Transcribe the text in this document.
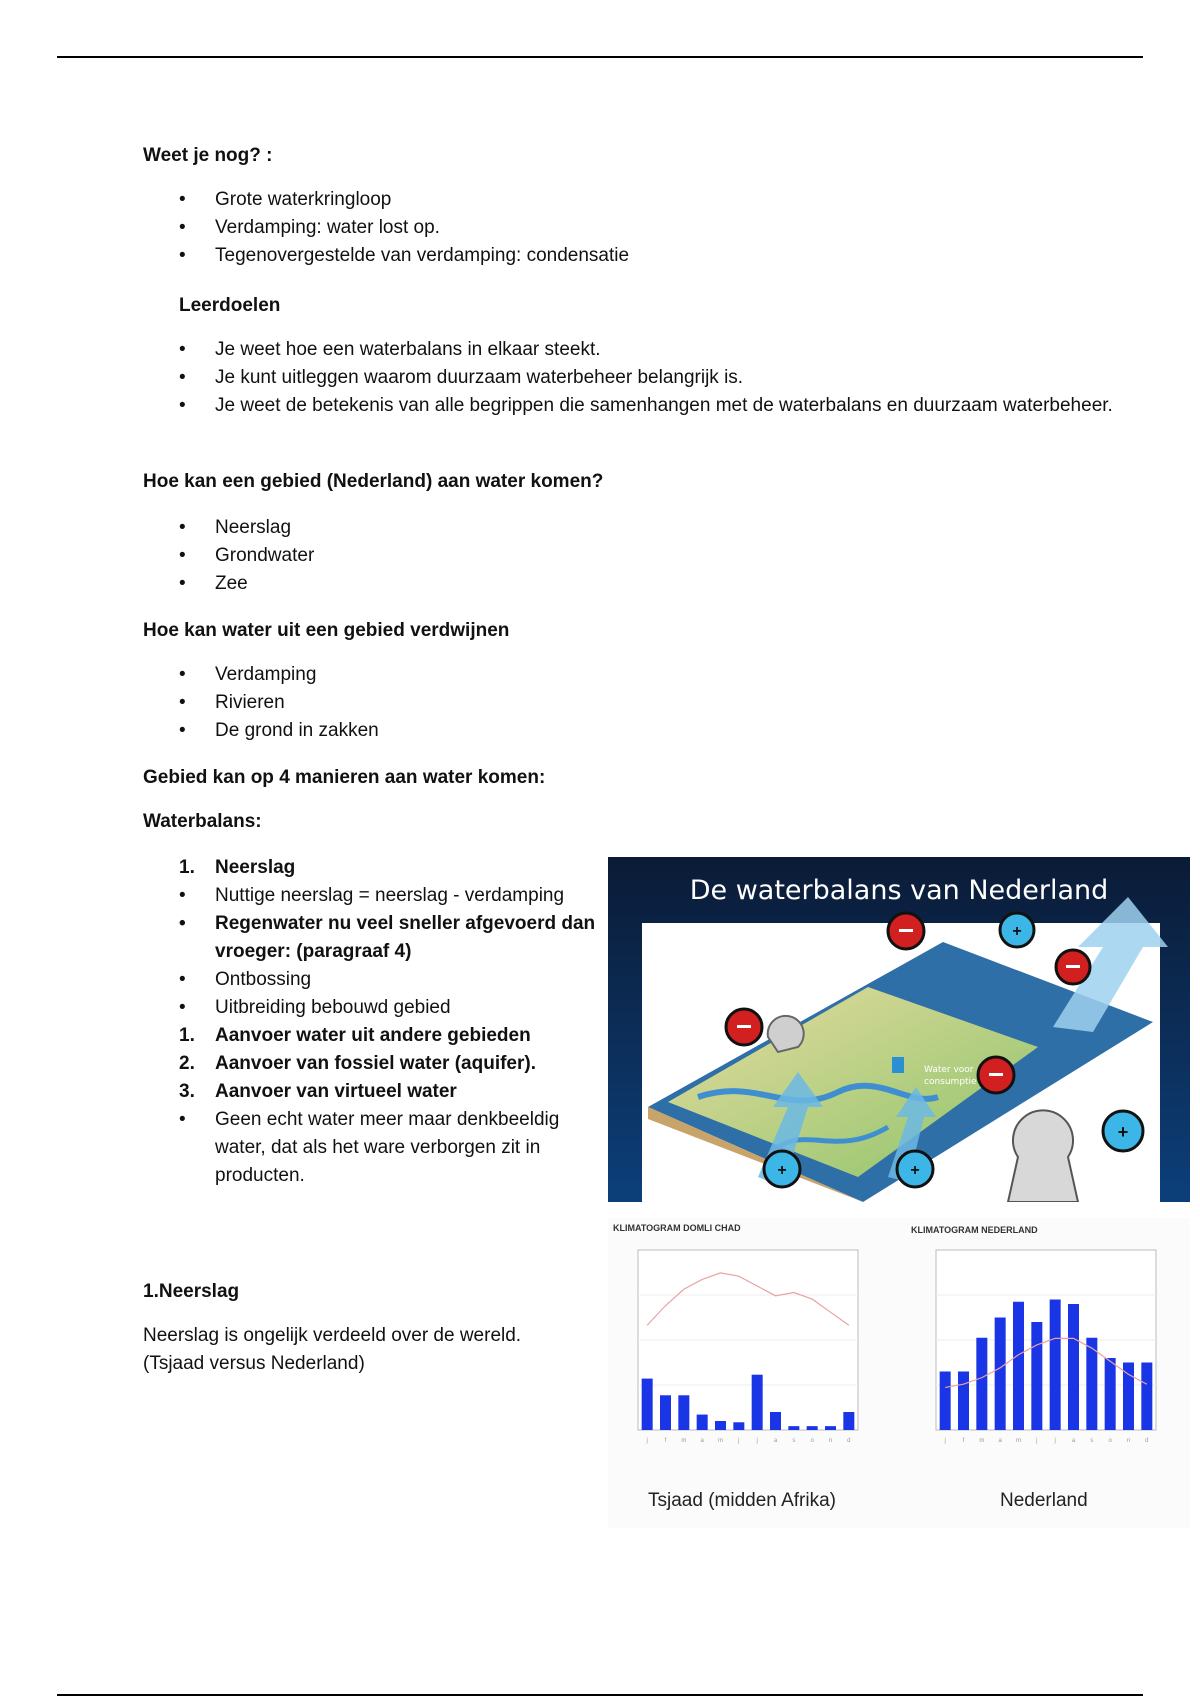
Weet je nog? :
• Grote waterkringloop
• Verdamping: water lost op.
• Tegenovergestelde van verdamping: condensatie
Leerdoelen
• Je weet hoe een waterbalans in elkaar steekt.
• Je kunt uitleggen waarom duurzaam waterbeheer belangrijk is.
• Je weet de betekenis van alle begrippen die samenhangen met de waterbalans en duurzaam waterbeheer.
Hoe kan een gebied (Nederland) aan water komen?
• Neerslag
• Grondwater
• Zee
Hoe kan water uit een gebied verdwijnen
• Verdamping
• Rivieren
• De grond in zakken
Gebied kan op 4 manieren aan water komen:
Waterbalans:
1. Neerslag
• Nuttige neerslag = neerslag - verdamping
• Regenwater nu veel sneller afgevoerd dan
vroeger: (paragraaf 4)
• Ontbossing
• Uitbreiding bebouwd gebied
1. Aanvoer water uit andere gebieden
2. Aanvoer van fossiel water (aquifer).
3. Aanvoer van virtueel water
• Geen echt water meer maar denkbeeldig
water, dat als het ware verborgen zit in
producten.
De waterbalans van Nederland
Water voor
consumptie
+
+
+	+
1.Neerslag
Neerslag is ongelijk verdeeld over de wereld.
(Tsjaad versus Nederland)
KLIMATOGRAM DOMLI CHAD	KLIMATOGRAM NEDERLAND
j	f m a m	j	j	a	s	o n d	j	f m a m	j	j	a	s	o n d
Tsjaad (midden Afrika)	Nederland
